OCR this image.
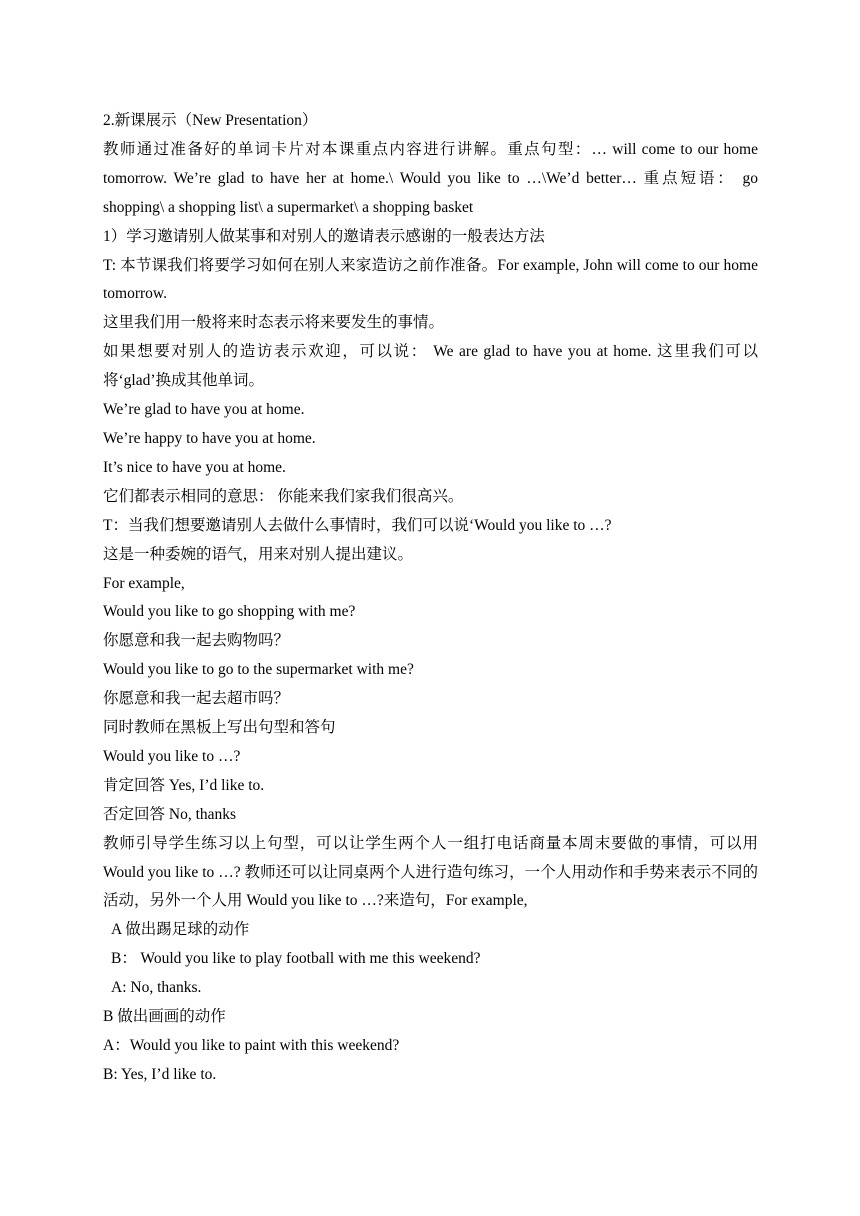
2.新课展示（New Presentation）
教师通过准备好的单词卡片对本课重点内容进行讲解。重点句型：… will come to our home tomorrow. We’re glad to have her at home.\ Would you like to …\We’d better… 重点短语： go shopping\ a shopping list\ a supermarket\ a shopping basket
1）学习邀请别人做某事和对别人的邀请表示感谢的一般表达方法
T: 本节课我们将要学习如何在别人来家造访之前作准备。For example, John will come to our home tomorrow.
这里我们用一般将来时态表示将来要发生的事情。
如果想要对别人的造访表示欢迎，可以说： We are glad to have you at home. 这里我们可以将‘glad’换成其他单词。
We’re glad to have you at home.
We’re happy to have you at home.
It’s nice to have you at home.
它们都表示相同的意思： 你能来我们家我们很高兴。
T：当我们想要邀请别人去做什么事情时，我们可以说‘Would you like to …?
这是一种委婉的语气，用来对别人提出建议。
For example,
Would you like to go shopping with me?
你愿意和我一起去购物吗？
Would you like to go to the supermarket with me?
你愿意和我一起去超市吗？
同时教师在黑板上写出句型和答句
Would you like to …?
肯定回答 Yes, I’d like to.
否定回答 No, thanks
教师引导学生练习以上句型，可以让学生两个人一组打电话商量本周末要做的事情，可以用 Would you like to …? 教师还可以让同桌两个人进行造句练习，一个人用动作和手势来表示不同的活动，另外一个人用 Would you like to …?来造句，For example,
A 做出踢足球的动作
B： Would you like to play football with me this weekend?
A: No, thanks.
B 做出画画的动作
A：Would you like to paint with this weekend?
B: Yes, I’d like to.
